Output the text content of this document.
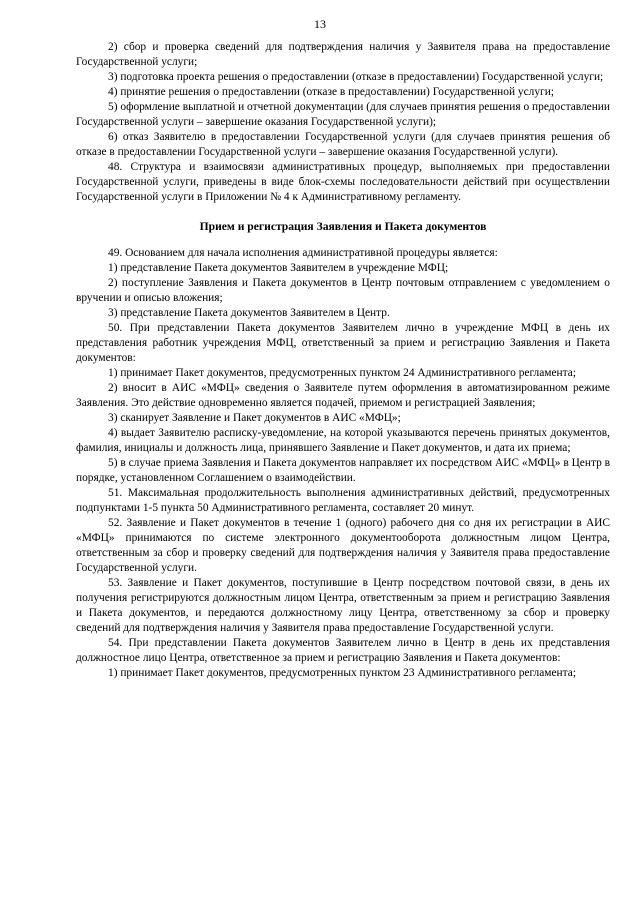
13

2) сбор и проверка сведений для подтверждения наличия у Заявителя права на предоставление Государственной услуги;

3) подготовка проекта решения о предоставлении (отказе в предоставлении) Государственной услуги;

4) принятие решения о предоставлении (отказе в предоставлении) Государственной услуги;

5) оформление выплатной и отчетной документации (для случаев принятия решения о предоставлении Государственной услуги – завершение оказания Государственной услуги);

6) отказ Заявителю в предоставлении Государственной услуги (для случаев принятия решения об отказе в предоставлении Государственной услуги – завершение оказания Государственной услуги).

48. Структура и взаимосвязи административных процедур, выполняемых при предоставлении Государственной услуги, приведены в виде блок-схемы последовательности действий при осуществлении Государственной услуги в Приложении № 4 к Административному регламенту.

Прием и регистрация Заявления и Пакета документов

49. Основанием для начала исполнения административной процедуры является:

1) представление Пакета документов Заявителем в учреждение МФЦ;

2) поступление Заявления и Пакета документов в Центр почтовым отправлением с уведомлением о вручении и описью вложения;

3) представление Пакета документов Заявителем в Центр.

50. При представлении Пакета документов Заявителем лично в учреждение МФЦ в день их представления работник учреждения МФЦ, ответственный за прием и регистрацию Заявления и Пакета документов:

1) принимает Пакет документов, предусмотренных пунктом 24 Административного регламента;

2) вносит в АИС «МФЦ» сведения о Заявителе путем оформления в автоматизированном режиме Заявления. Это действие одновременно является подачей, приемом и регистрацией Заявления;

3) сканирует Заявление и Пакет документов в АИС «МФЦ»;

4) выдает Заявителю расписку-уведомление, на которой указываются перечень принятых документов, фамилия, инициалы и должность лица, принявшего Заявление и Пакет документов, и дата их приема;

5) в случае приема Заявления и Пакета документов направляет их посредством АИС «МФЦ» в Центр в порядке, установленном Соглашением о взаимодействии.

51. Максимальная продолжительность выполнения административных действий, предусмотренных подпунктами 1-5 пункта 50 Административного регламента, составляет 20 минут.

52. Заявление и Пакет документов в течение 1 (одного) рабочего дня со дня их регистрации в АИС «МФЦ» принимаются по системе электронного документооборота должностным лицом Центра, ответственным за сбор и проверку сведений для подтверждения наличия у Заявителя права предоставление Государственной услуги.

53. Заявление и Пакет документов, поступившие в Центр посредством почтовой связи, в день их получения регистрируются должностным лицом Центра, ответственным за прием и регистрацию Заявления и Пакета документов, и передаются должностному лицу Центра, ответственному за сбор и проверку сведений для подтверждения наличия у Заявителя права предоставление Государственной услуги.

54. При представлении Пакета документов Заявителем лично в Центр в день их представления должностное лицо Центра, ответственное за прием и регистрацию Заявления и Пакета документов:

1) принимает Пакет документов, предусмотренных пунктом 23 Административного регламента;
